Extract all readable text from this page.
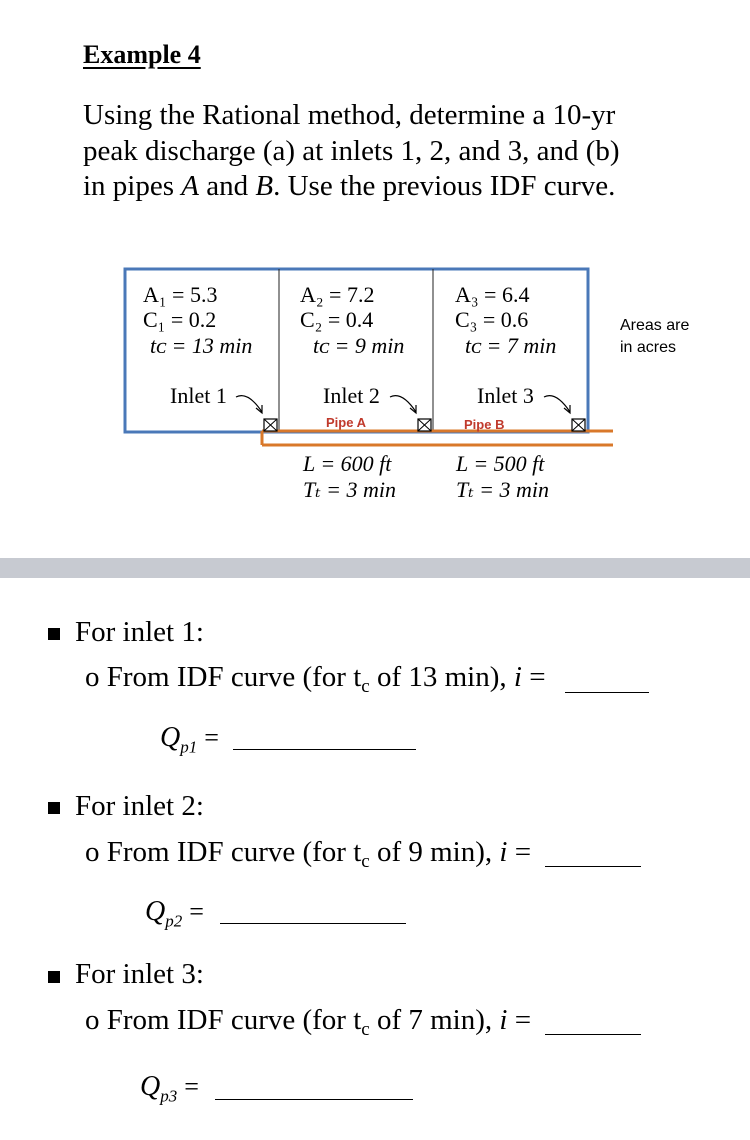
Example 4
Using the Rational method, determine a 10-yr
peak discharge (a) at inlets 1, 2, and 3, and (b)
in pipes A and B. Use the previous IDF curve.
A₁ = 5.3
C₁ = 0.2
tᴄ = 13 min
Inlet 1
A₂ = 7.2
C₂ = 0.4
tᴄ = 9 min
Inlet 2
Pipe A
A₃ = 6.4
C₃ = 0.6
tᴄ = 7 min
Inlet 3
Pipe B
L = 600 ft
Tₜ = 3 min
L = 500 ft
Tₜ = 3 min
Areas are
in acres
For inlet 1:
o From IDF curve (for $t_c$ of 13 min), i =
$Q_{p1}$ =
For inlet 2:
o From IDF curve (for $t_c$ of 9 min), i =
$Q_{p2}$ =
For inlet 3:
o From IDF curve (for $t_c$ of 7 min), i =
$Q_{p3}$ =
